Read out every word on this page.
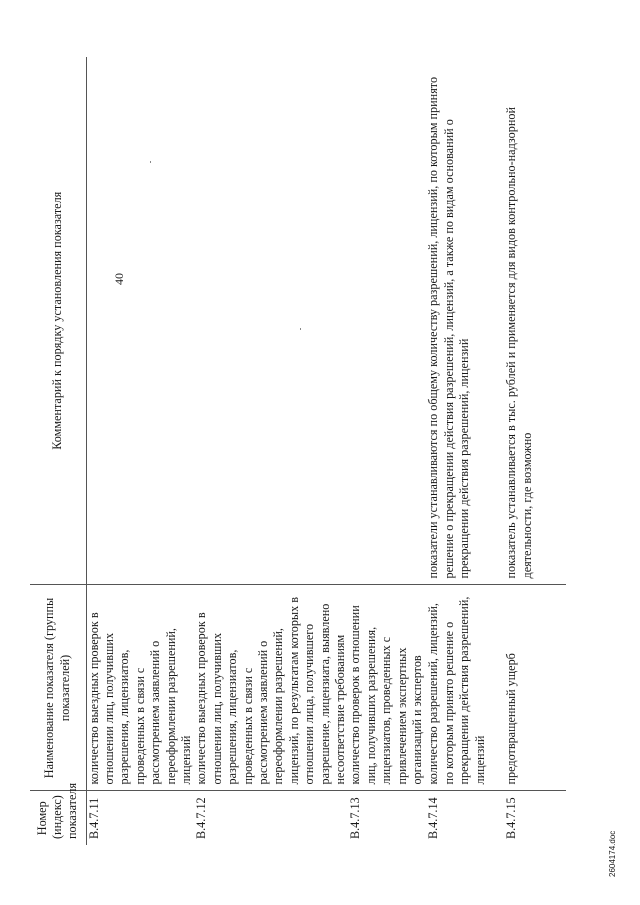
40
Номер (индекс) показателя	Наименование показателя (группы показателей)	Комментарий к порядку установления показателя
В.4.7.11	количество выездных проверок в отношении лиц, получивших разрешения, лицензиатов, проведенных в связи с рассмотрением заявлений о переоформлении разрешений, лицензий	
В.4.7.12	количество выездных проверок в отношении лиц, получивших разрешения, лицензиатов, проведенных в связи с рассмотрением заявлений о переоформлении разрешений, лицензий, по результатам которых в отношении лица, получившего разрешение, лицензиата, выявлено несоответствие требованиям	
В.4.7.13	количество проверок в отношении лиц, получивших разрешения, лицензиатов, проведенных с привлечением экспертных организаций и экспертов	
В.4.7.14	количество разрешений, лицензий, по которым принято решение о прекращении действия разрешений, лицензий	показатели устанавливаются по общему количеству разрешений, лицензий, по которым принято решение о прекращении действия разрешений, лицензий, а также по видам оснований о прекращении действия разрешений, лицензий
В.4.7.15	предотвращенный ущерб	показатель устанавливается в тыс. рублей и применяется для видов контрольно-надзорной деятельности, где возможно
2604174.doc
